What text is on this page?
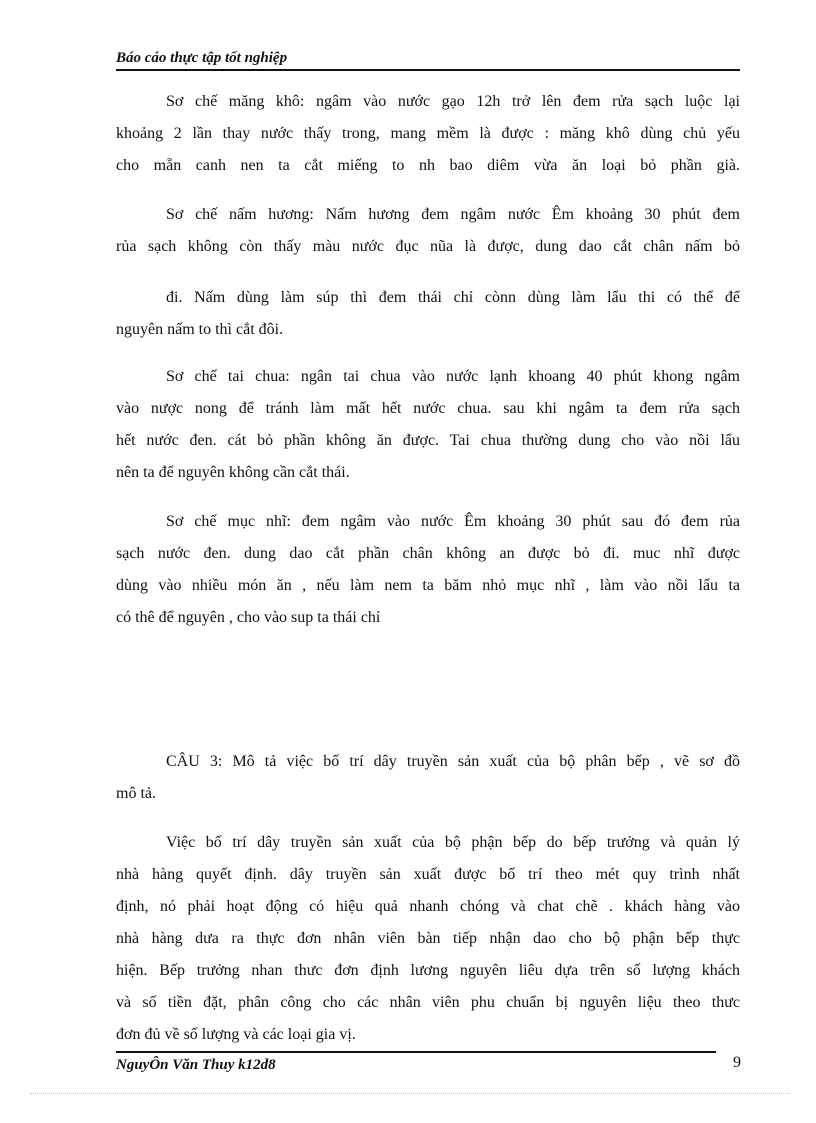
Báo cáo thực tập tốt nghiệp
Sơ chế măng khô: ngâm vào nước gạo 12h trở lên đem rửa sạch luộc lại
khoảng 2 lần thay nước thấy trong, mang mềm là được : măng khô dùng chủ yếu
cho mẵn canh nen ta cắt miếng to nh bao diêm vừa ăn loại bỏ phần già.
Sơ chế nấm hương: Nấm hương đem ngâm nước Êm khoảng 30 phút đem
rủa sạch không còn thấy màu nước đục nũa là được, dung dao cắt chân nấm bỏ
đi. Nấm dùng làm súp thì đem thái chỉ cònn dùng làm lẩu thi có thể để
nguyên nấm to thì cắt đôi.
Sơ chế tai chua: ngân tai chua vào nước lạnh khoang 40 phút khong ngâm
vào nược nong để tránh làm mất hết nước chua. sau khi ngâm ta đem rửa sạch
hết nước đen. cát bỏ phần không ăn được. Tai chua thường dung cho vào nồi lẩu
nên ta để nguyên không cần cắt thái.
Sơ chế mục nhĩ: đem ngâm vào nước Êm khoảng 30 phút sau đó đem rủa
sạch nước đen. dung dao cắt phần chân không an được bỏ đi. muc nhĩ được
dùng vào nhiều món ăn , nếu làm nem ta băm nhỏ mục nhĩ , làm vào nồi lẩu ta
có thê để nguyên , cho vào sup ta thái chỉ
CÂU 3: Mô tả việc bố trí dây truyền sản xuất của bộ phân bếp , vẽ sơ đồ
mô tả.
Việc bố trí dây truyền sản xuất của bộ phận bếp do bếp trưởng và quản lý
nhà hàng quyết định. dây truyền sản xuất được bố trí theo mét quy trình nhất
định, nó phải hoạt động có hiệu quả nhanh chóng và chat chẽ . khách hàng vào
nhà hàng dưa ra thực đơn nhân viên bàn tiếp nhận dao cho bộ phận bếp thực
hiện. Bếp trưởng nhan thưc đơn định lương nguyên liêu dựa trên số lượng khách
và số tiền đặt, phân công cho các nhân viên phu chuẩn bị nguyên liệu theo thưc
đơn đủ về số lượng và các loại gia vị.
NguyÔn Văn Thuy k12d8	9
